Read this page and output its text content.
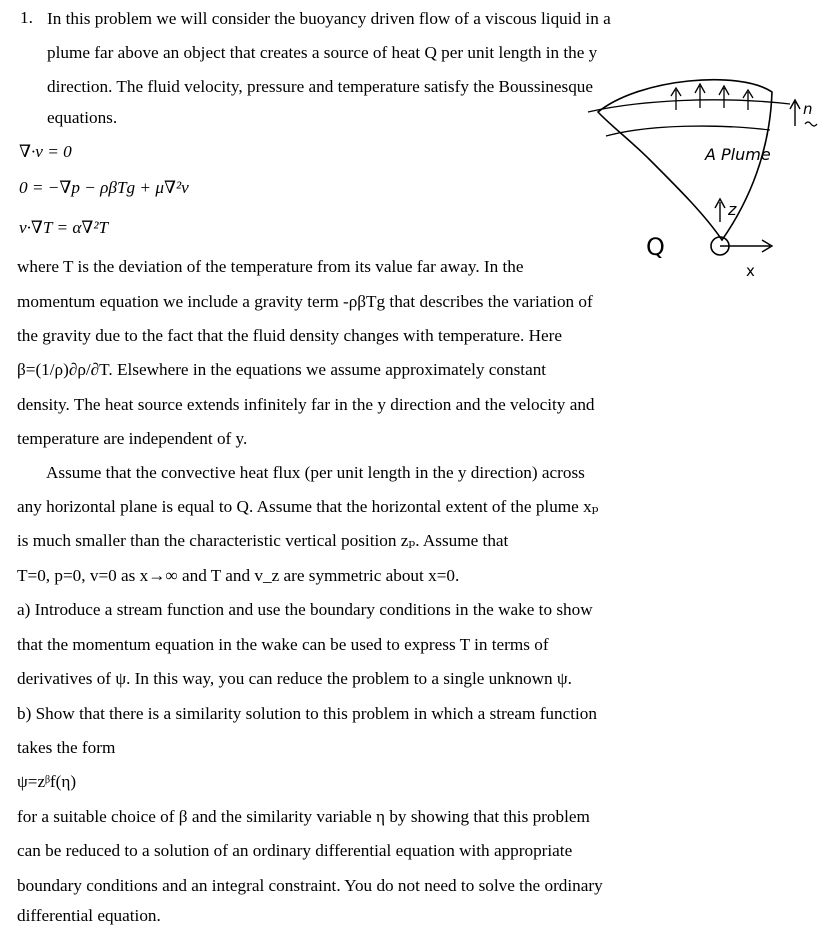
1. In this problem we will consider the buoyancy driven flow of a viscous liquid in a
plume far above an object that creates a source of heat Q per unit length in the y
direction. The fluid velocity, pressure and temperature satisfy the Boussinesque
equations.
∇·v = 0
0 = −∇p − ρβTg + μ∇²v
v·∇T = α∇²T
where T is the deviation of the temperature from its value far away. In the
momentum equation we include a gravity term -ρβTg that describes the variation of
the gravity due to the fact that the fluid density changes with temperature. Here
β=(1/ρ)∂ρ/∂T. Elsewhere in the equations we assume approximately constant
density. The heat source extends infinitely far in the y direction and the velocity and
temperature are independent of y.
Assume that the convective heat flux (per unit length in the y direction) across
any horizontal plane is equal to Q. Assume that the horizontal extent of the plume xₚ
is much smaller than the characteristic vertical position zₚ. Assume that
T=0, p=0, v=0 as x→∞ and T and v_z are symmetric about x=0.
a) Introduce a stream function and use the boundary conditions in the wake to show
that the momentum equation in the wake can be used to express T in terms of
derivatives of ψ. In this way, you can reduce the problem to a single unknown ψ.
b) Show that there is a similarity solution to this problem in which a stream function
takes the form
ψ=zᵝf(η)
for a suitable choice of β and the similarity variable η by showing that this problem
can be reduced to a solution of an ordinary differential equation with appropriate
boundary conditions and an integral constraint. You do not need to solve the ordinary
differential equation.
A Plume
z
x
Q
n
